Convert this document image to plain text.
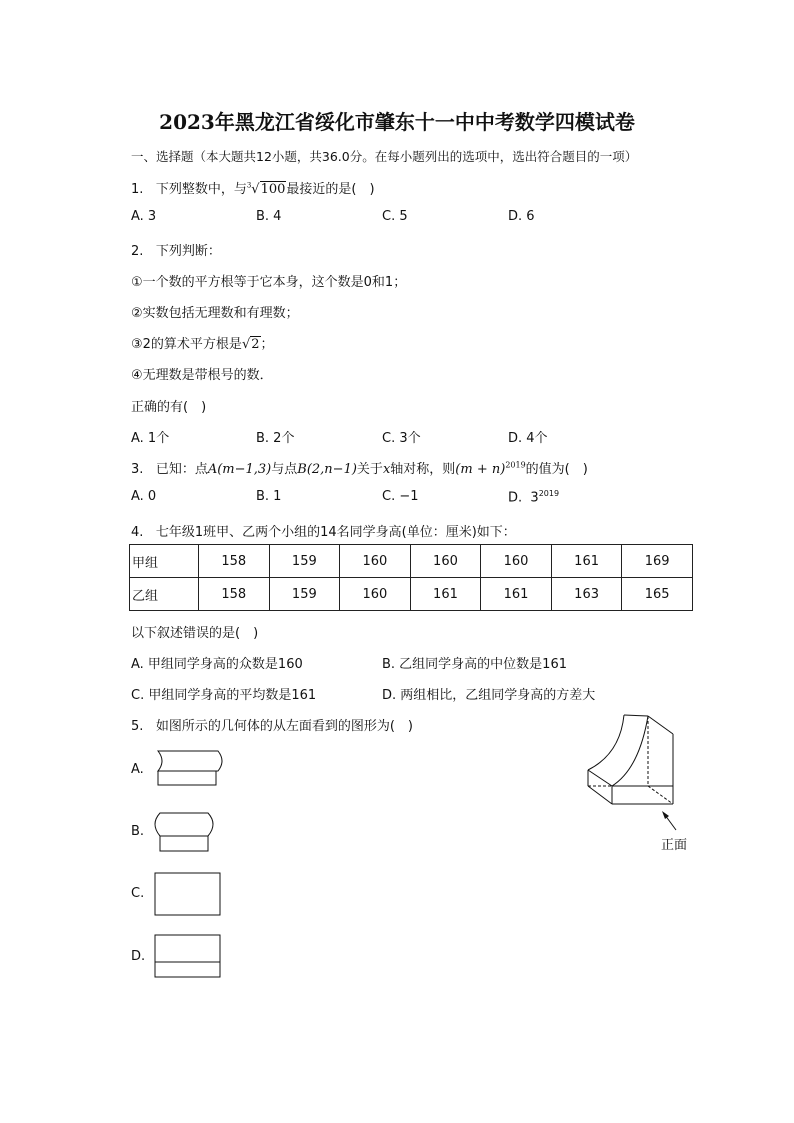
2023年黑龙江省绥化市肇东十一中中考数学四模试卷
一、选择题（本大题共12小题，共36.0分。在每小题列出的选项中，选出符合题目的一项）
1. 下列整数中，与$^3$√100最接近的是(　)
A. 3	B. 4	C. 5	D. 6
2. 下列判断：
①一个数的平方根等于它本身，这个数是0和1；
②实数包括无理数和有理数；
③2的算术平方根是√2；
④无理数是带根号的数．
正确的有(　)
A. 1个	B. 2个	C. 3个	D. 4个
3. 已知：点A(m−1,3)与点B(2,n−1)关于x轴对称，则$(m + n)^{2019}$的值为(　)
A. 0	B. 1	C. −1	D. $3^{2019}$
4. 七年级1班甲、乙两个小组的14名同学身高(单位：厘米)如下：
甲组	158	159	160	160	160	161	169
乙组	158	159	160	161	161	163	165
以下叙述错误的是(　)
A. 甲组同学身高的众数是160	B. 乙组同学身高的中位数是161
C. 甲组同学身高的平均数是161	D. 两组相比，乙组同学身高的方差大
5. 如图所示的几何体的从左面看到的图形为(　)
A.
B.
C.
D.
正面
